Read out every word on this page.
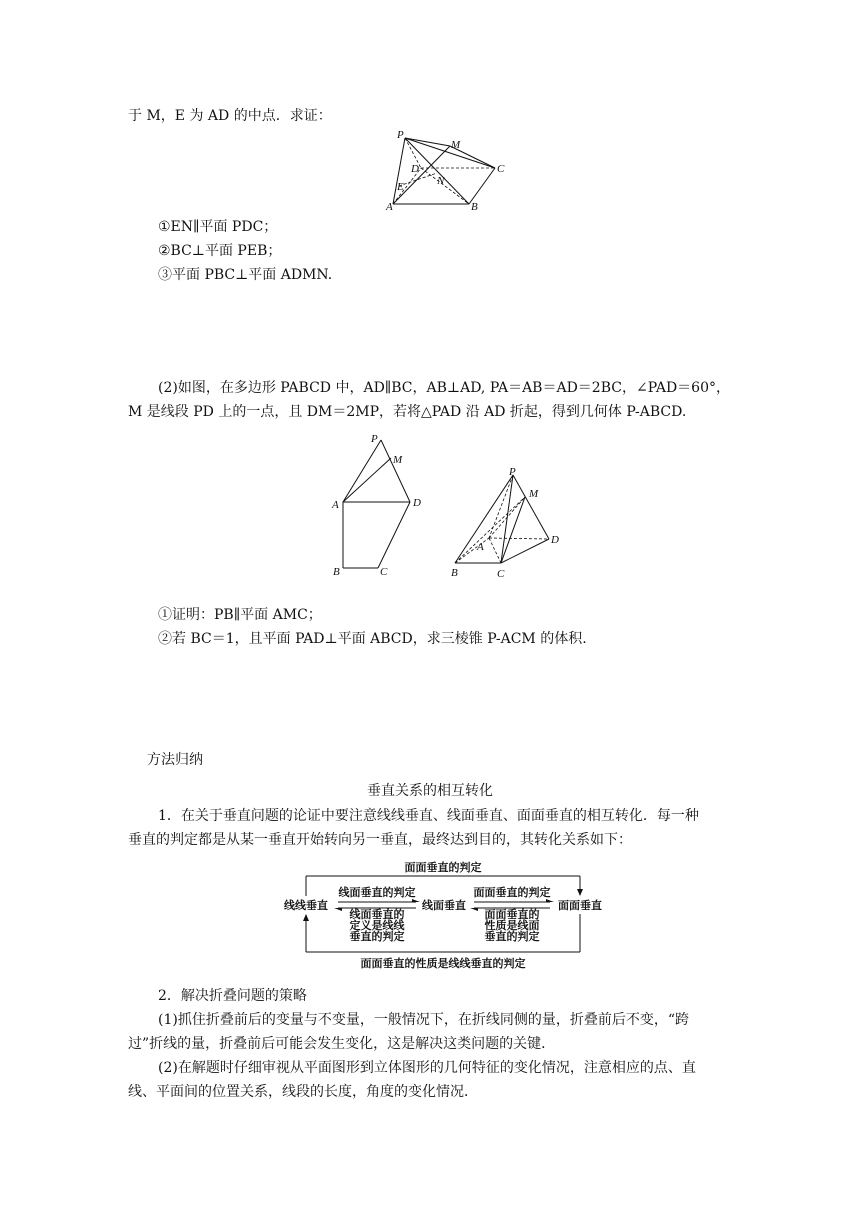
于 M，E 为 AD 的中点．求证：
P
M
D
N
C
E
A	B
①EN∥平面 PDC；
②BC⊥平面 PEB；
③平面 PBC⊥平面 ADMN.
(2)如图，在多边形 PABCD 中，AD∥BC，AB⊥AD, PA＝AB＝AD＝2BC，∠PAD＝60°，
M 是线段 PD 上的一点，且 DM＝2MP，若将△PAD 沿 AD 折起，得到几何体 P-ABCD.
P
M
A	D
B	C
P
M
A
D
B	C
①证明：PB∥平面 AMC；
②若 BC＝1，且平面 PAD⊥平面 ABCD，求三棱锥 P-ACM 的体积.
方法归纳
垂直关系的相互转化
1．在关于垂直问题的论证中要注意线线垂直、线面垂直、面面垂直的相互转化．每一种
垂直的判定都是从某一垂直开始转向另一垂直，最终达到目的，其转化关系如下：
面面垂直的判定
线线垂直	线面垂直	面面垂直
线面垂直的判定
线面垂直的
定义是线线
垂直的判定
面面垂直的判定
面面垂直的
性质是线面
垂直的判定
面面垂直的性质是线线垂直的判定
2．解决折叠问题的策略
(1)抓住折叠前后的变量与不变量，一般情况下，在折线同侧的量，折叠前后不变，“跨
过”折线的量，折叠前后可能会发生变化，这是解决这类问题的关键．
(2)在解题时仔细审视从平面图形到立体图形的几何特征的变化情况，注意相应的点、直
线、平面间的位置关系，线段的长度，角度的变化情况．
